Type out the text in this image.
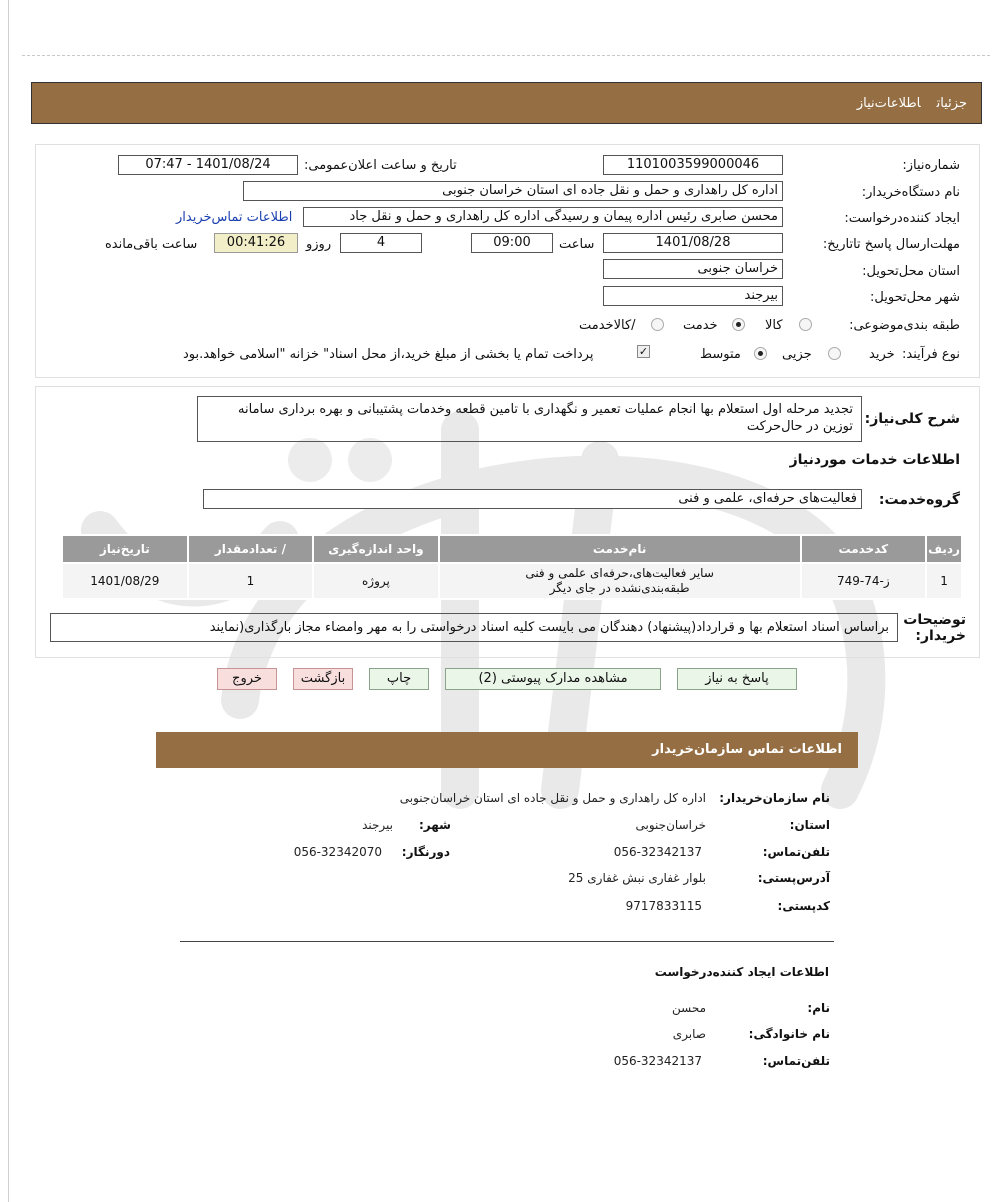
جزئیاتاطلاعات‌نیاز
شماره‌نیاز:
1101003599000046
تاریخ و ساعت اعلان‌عمومی:
1401/08/24 - 07:47
نام دستگاه‌خریدار:
اداره کل راهداری و حمل و نقل جاده ای استان خراسان جنوبی
ایجاد کننده‌درخواست:
محسن صابری رئیس اداره پیمان و رسیدگی اداره کل راهداری و حمل و نقل جاد
اطلاعات تماس‌خریدار
مهلت‌ارسال پاسخ تا‌تاریخ:
1401/08/28
ساعت
09:00
4
روزو
00:41:26
ساعت باقی‌مانده
استان محل‌تحویل:
خراسان جنوبی
شهر محل‌تحویل:
بیرجند
طبقه بندی‌موضوعی:
کالا
خدمت
/کالاخدمت
نوع فرآیند:
خرید
جزیی
متوسط
✓
پرداخت تمام یا بخشی از مبلغ خرید،از محل اسناد" خزانه "اسلامی خواهد.بود
شرح کلی‌نیاز:
تجدید مرحله اول استعلام بها انجام عملیات تعمیر و نگهداری با تامین قطعه وخدمات پشتیبانی و بهره برداری سامانه توزین در حال‌حرکت
اطلاعات خدمات موردنیاز
گروه‌خدمت:
فعالیت‌های حرفه‌ای، علمی و فنی
ردیف	کدخدمت	نام‌خدمت	واحد اندازه‌گیری	/ تعدادمقدار	تاریخ‌نیاز
1	ز-74-749	سایر فعالیت‌های،حرفه‌ای علمی و فنی
طبقه‌بندی‌نشده در جای دیگر	پروژه	1	1401/08/29
توضیحات خریدار:
براساس اسناد استعلام بها و قرارداد(پیشنهاد) دهندگان می بایست کلیه اسناد درخواستی را به مهر وامضاء مجاز بارگذاری(نمایند
پاسخ به نیاز
مشاهده مدارک پیوستی (2)
چاپ
بازگشت
خروج
اطلاعات تماس سازمان‌خریدار
نام سازمان‌خریدار:
اداره کل راهداری و حمل و نقل جاده ای استان خراسان‌جنوبی
استان:
خراسان‌جنوبی
شهر:
بیرجند
تلفن‌تماس:
056-32342137
دورنگار:
056-32342070
آدرس‌پستی:
بلوار غفاری نبش غفاری 25
کدپستی:
9717833115
اطلاعات ایجاد کننده‌درخواست
نام:
محسن
نام خانوادگی:
صابری
تلفن‌تماس:
056-32342137
